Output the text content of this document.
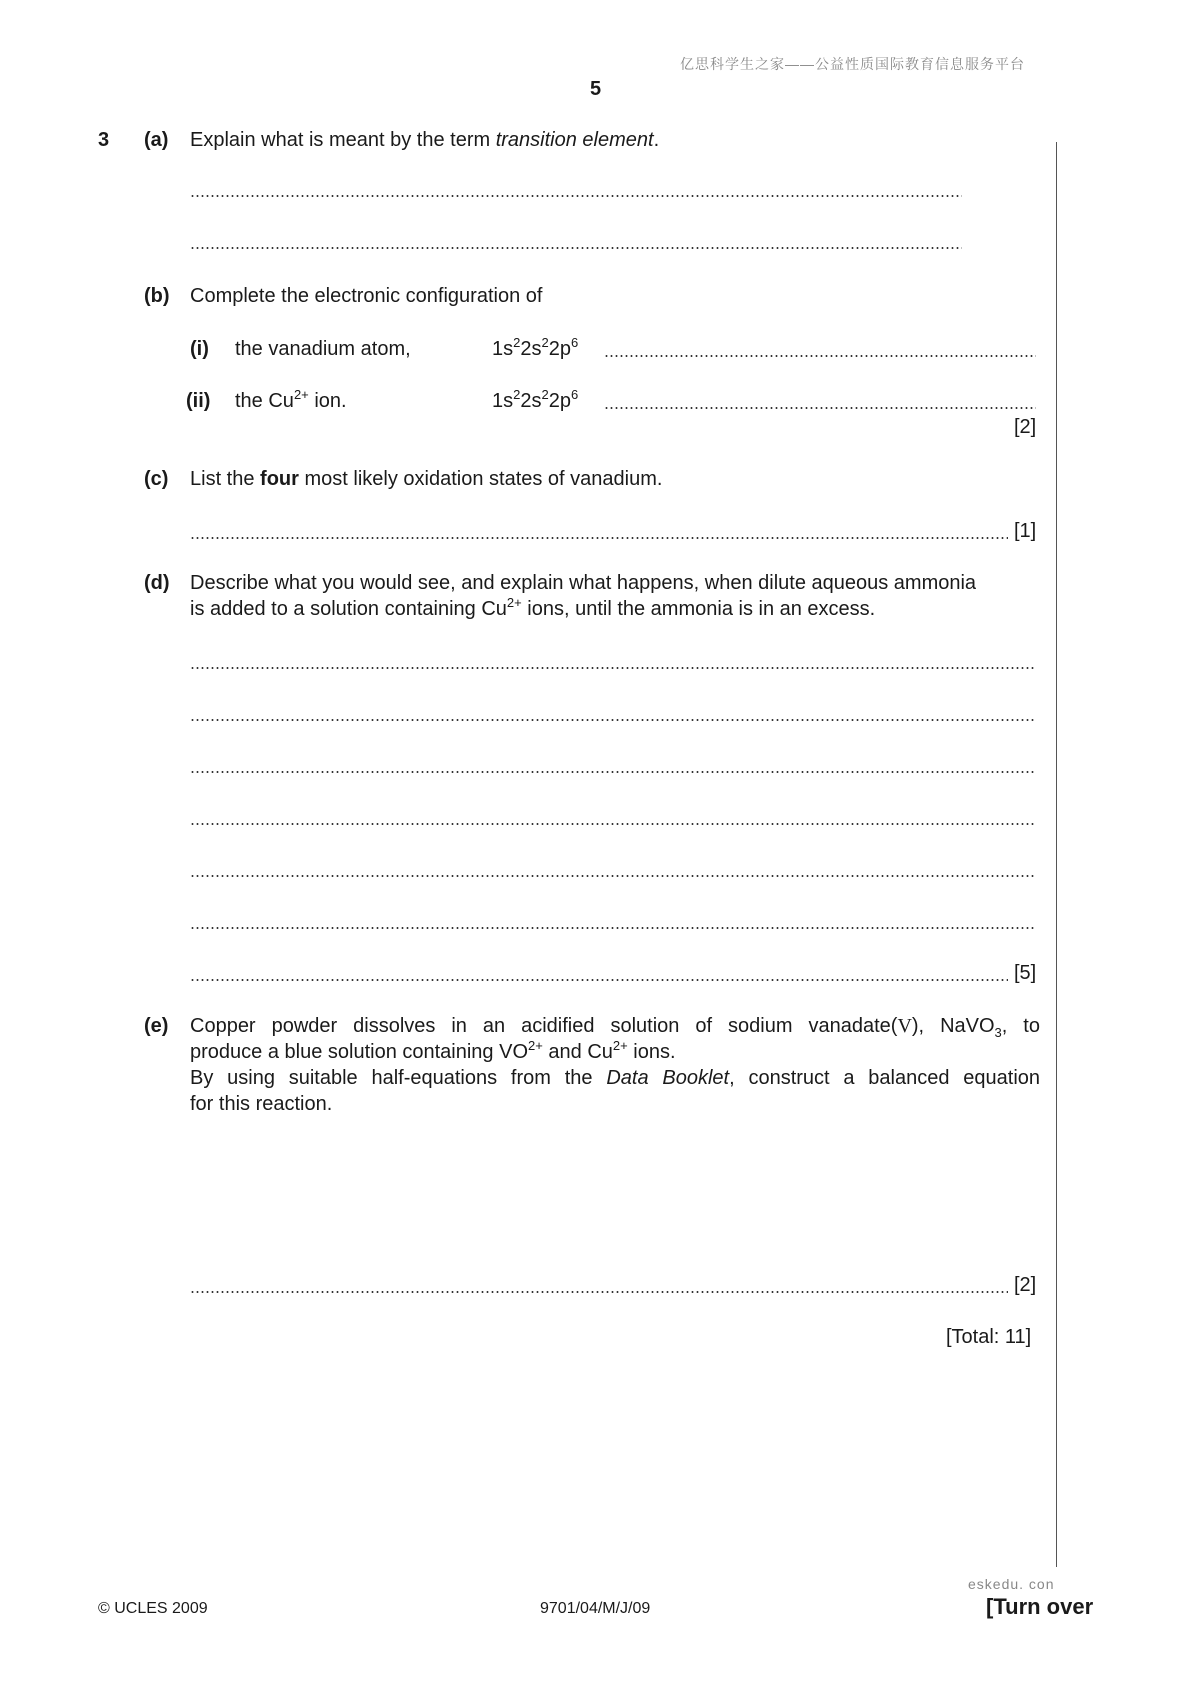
亿思科学生之家——公益性质国际教育信息服务平台
5
3 (a) Explain what is meant by the term transition element.
(b) Complete the electronic configuration of
(i) the vanadium atom,	$1s^22s^22p^6$
(ii) the $Cu^{2+}$ ion.	$1s^22s^22p^6$
[2]
(c) List the four most likely oxidation states of vanadium.
[1]
(d) Describe what you would see, and explain what happens, when dilute aqueous ammonia
is added to a solution containing $Cu^{2+}$ ions, until the ammonia is in an excess.
[5]
(e) Copper powder dissolves in an acidified solution of sodium vanadate(V), NaVO$_3$, to
produce a blue solution containing $VO^{2+}$ and $Cu^{2+}$ ions.
By using suitable half-equations from the Data Booklet, construct a balanced equation
for this reaction.
[2]
[Total: 11]
eskedu. con
© UCLES 2009	9701/04/M/J/09	[Turn over
